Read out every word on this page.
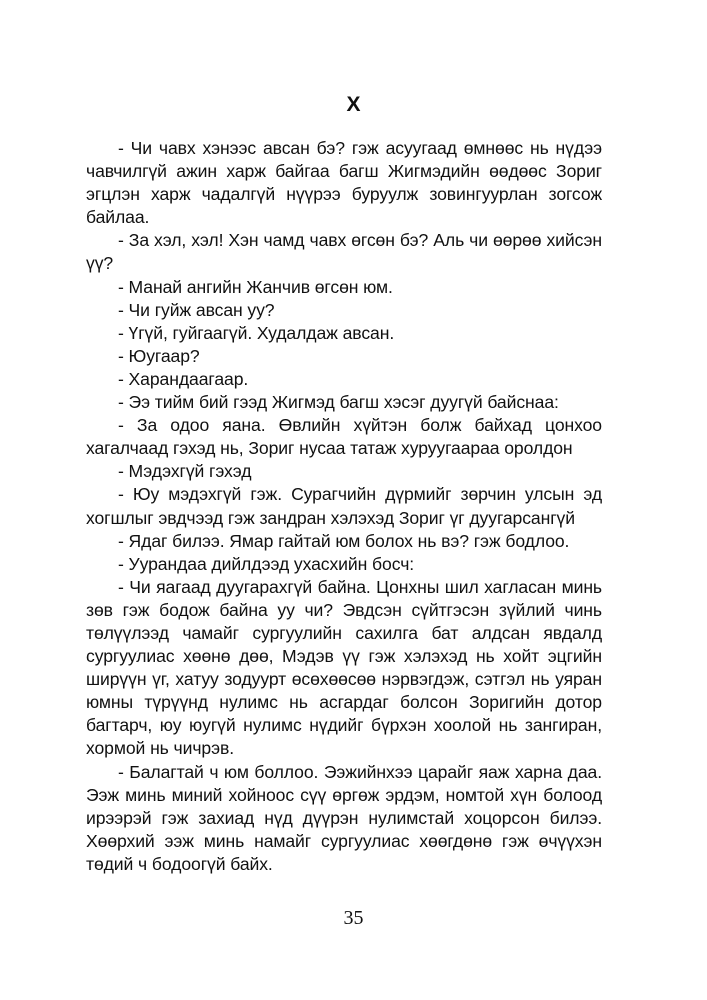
X

- Чи чавх хэнээс авсан бэ? гэж асуугаад өмнөөс нь нүдээ чавчилгүй ажин харж байгаа багш Жигмэдийн өөдөөс Зориг эгцлэн харж чадалгүй нүүрээ буруулж зовингуурлан зогсож байлаа.

- За хэл, хэл! Хэн чамд чавх өгсөн бэ? Аль чи өөрөө хийсэн үү?

- Манай ангийн Жанчив өгсөн юм.

- Чи гуйж авсан уу?

- Үгүй, гуйгаагүй. Худалдаж авсан.

- Юугаар?

- Харандаагаар.

- Ээ тийм бий гээд Жигмэд багш хэсэг дуугүй байснаа:

- За одоо яана. Өвлийн хүйтэн болж байхад цонхоо хагалчаад гэхэд нь, Зориг нусаа татаж хуруугаараа оролдон

- Мэдэхгүй гэхэд

- Юу мэдэхгүй гэж. Сурагчийн дүрмийг зөрчин улсын эд хогшлыг эвдчээд гэж зандран хэлэхэд Зориг үг дуугарсангүй

- Ядаг билээ. Ямар гайтай юм болох нь вэ? гэж бодлоо.

- Уурандаа дийлдээд ухасхийн босч:

- Чи яагаад дуугарахгүй байна. Цонхны шил хагласан минь зөв гэж бодож байна уу чи? Эвдсэн сүйтгэсэн зүйлий чинь төлүүлээд чамайг сургуулийн сахилга бат алдсан явдалд сургуулиас хөөнө дөө, Мэдэв үү гэж хэлэхэд нь хойт эцгийн ширүүн үг, хатуу зодуурт өсөхөөсөө нэрвэгдэж, сэтгэл нь уяран юмны түрүүнд нулимс нь асгардаг болсон Зоригийн дотор багтарч, юу юугүй нулимс нүдийг бүрхэн хоолой нь зангиран, хормой нь чичрэв.

- Балагтай ч юм боллоо. Ээжийнхээ царайг яаж харна даа. Ээж минь миний хойноос сүү өргөж эрдэм, номтой хүн болоод ирээрэй гэж захиад нүд дүүрэн нулимстай хоцорсон билээ. Хөөрхий ээж минь намайг сургуулиас хөөгдөнө гэж өчүүхэн төдий ч бодоогүй байх.

35
